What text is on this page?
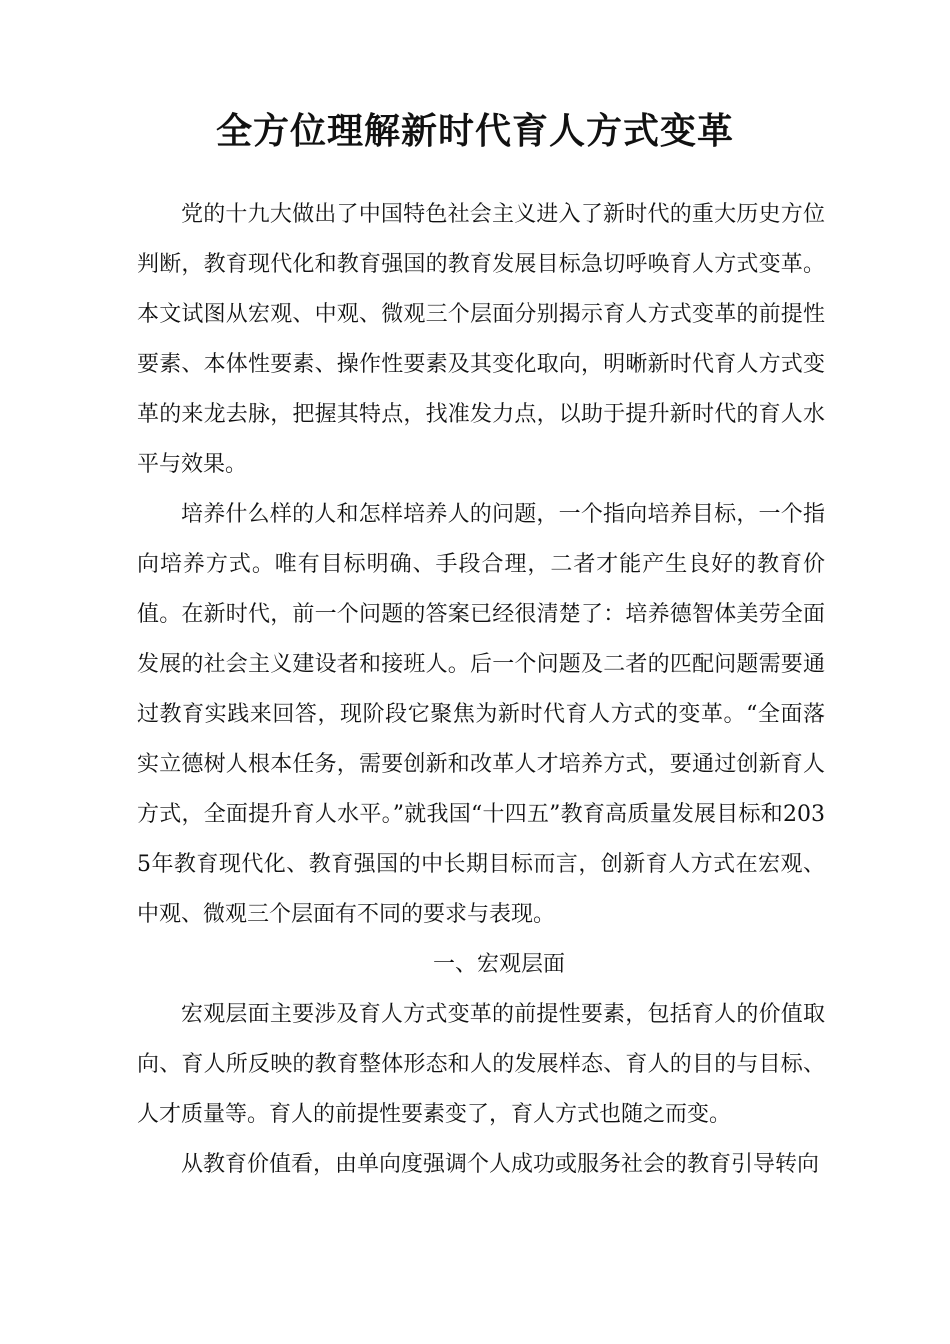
全方位理解新时代育人方式变革

党的十九大做出了中国特色社会主义进入了新时代的重大历史方位判断，教育现代化和教育强国的教育发展目标急切呼唤育人方式变革。本文试图从宏观、中观、微观三个层面分别揭示育人方式变革的前提性要素、本体性要素、操作性要素及其变化取向，明晰新时代育人方式变革的来龙去脉，把握其特点，找准发力点，以助于提升新时代的育人水平与效果。

培养什么样的人和怎样培养人的问题，一个指向培养目标，一个指向培养方式。唯有目标明确、手段合理，二者才能产生良好的教育价值。在新时代，前一个问题的答案已经很清楚了：培养德智体美劳全面发展的社会主义建设者和接班人。后一个问题及二者的匹配问题需要通过教育实践来回答，现阶段它聚焦为新时代育人方式的变革。“全面落实立德树人根本任务，需要创新和改革人才培养方式，要通过创新育人方式，全面提升育人水平。”就我国“十四五”教育高质量发展目标和2035年教育现代化、教育强国的中长期目标而言，创新育人方式在宏观、中观、微观三个层面有不同的要求与表现。

一、宏观层面

宏观层面主要涉及育人方式变革的前提性要素，包括育人的价值取向、育人所反映的教育整体形态和人的发展样态、育人的目的与目标、人才质量等。育人的前提性要素变了，育人方式也随之而变。

从教育价值看，由单向度强调个人成功或服务社会的教育引导转向
